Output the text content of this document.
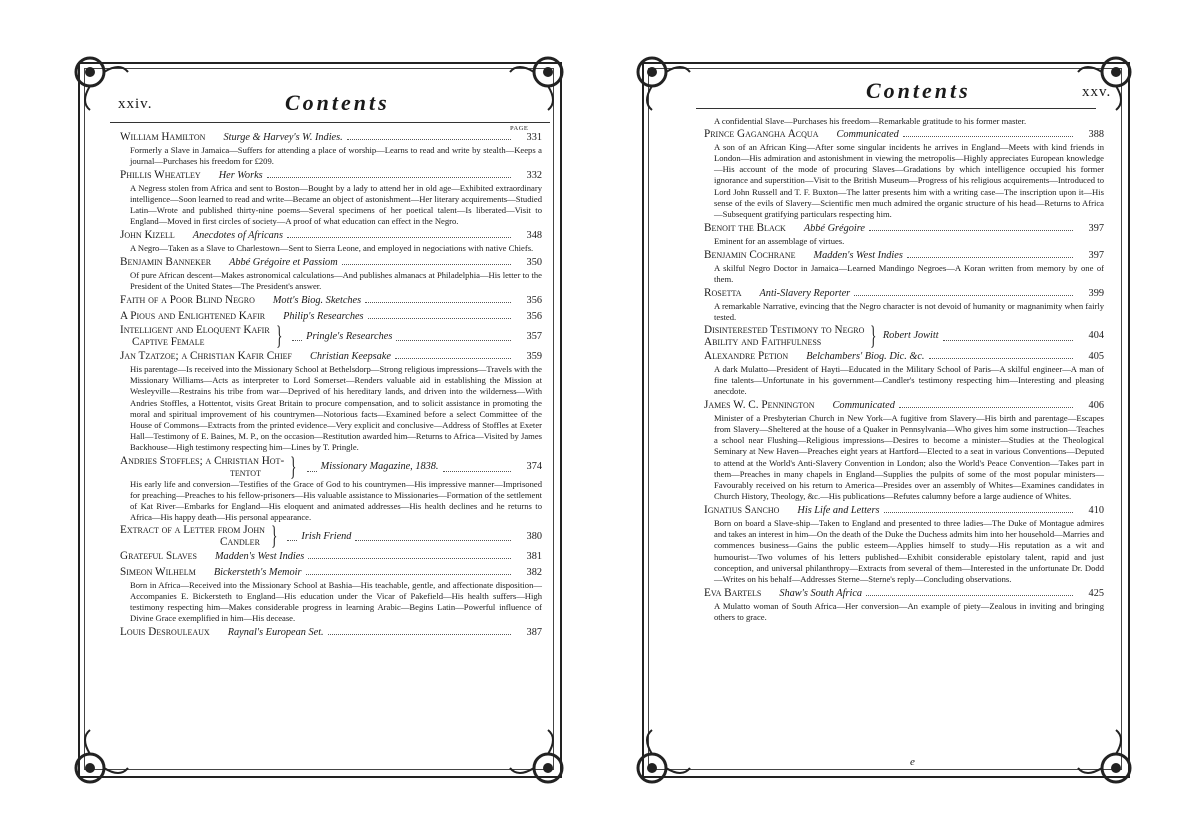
xxiv.	Contents
PAGE
William Hamilton Sturge & Harvey's W. Indies.	331
Formerly a Slave in Jamaica—Suffers for attending a place of worship—Learns to read and write by stealth—Keeps a journal—Purchases his freedom for £209.
Phillis Wheatley Her Works	332
A Negress stolen from Africa and sent to Boston—Bought by a lady to attend her in old age—Exhibited extraordinary intelligence—Soon learned to read and write—Became an object of astonishment—Her literary acquirements—Studied Latin—Wrote and published thirty-nine poems—Several specimens of her poetical talent—Is liberated—Visit to England—Moved in first circles of society—A proof of what education can effect in the Negro.
John Kizell Anecdotes of Africans	348
A Negro—Taken as a Slave to Charlestown—Sent to Sierra Leone, and employed in negociations with native Chiefs.
Benjamin Banneker Abbé Grégoire et Passiom	350
Of pure African descent—Makes astronomical calculations—And publishes almanacs at Philadelphia—His letter to the President of the United States—The President's answer.
Faith of a Poor Blind Negro Mott's Biog. Sketches	356
A Pious and Enlightened Kafir Philip's Researches	356
Intelligent and Eloquent Kafir
Captive Female	} Pringle's Researches	357
Jan Tzatzoe; a Christian Kafir Chief Christian Keepsake	359
His parentage—Is received into the Missionary School at Bethelsdorp—Strong religious impressions—Travels with the Missionary Williams—Acts as interpreter to Lord Somerset—Renders valuable aid in establishing the Mission at Wesleyville—Restrains his tribe from war—Deprived of his hereditary lands, and driven into the wilderness—With Andries Stoffles, a Hottentot, visits Great Britain to procure compensation, and to solicit assistance in promoting the moral and spiritual improvement of his countrymen—Notorious facts—Examined before a select Committee of the House of Commons—Extracts from the printed evidence—Very explicit and conclusive—Address of Stoffles at Exeter Hall—Testimony of E. Baines, M. P., on the occasion—Restitution awarded him—Returns to Africa—Visited by James Backhouse—High testimony respecting him—Lines by T. Pringle.
Andries Stoffles; a Christian Hot-
tentot	} Missionary Magazine, 1838.	374
His early life and conversion—Testifies of the Grace of God to his countrymen—His impressive manner—Imprisoned for preaching—Preaches to his fellow-prisoners—His valuable assistance to Missionaries—Formation of the settlement of Kat River—Embarks for England—His eloquent and animated addresses—His health declines and he returns to Africa—His happy death—His personal appearance.
Extract of a Letter from John
Candler } Irish Friend	380
Grateful Slaves Madden's West Indies	381
Simeon Wilhelm Bickersteth's Memoir	382
Born in Africa—Received into the Missionary School at Bashia—His teachable, gentle, and affectionate disposition—Accompanies E. Bickersteth to England—His education under the Vicar of Pakefield—His health suffers—High testimony respecting him—Makes considerable progress in learning Arabic—Begins Latin—Powerful influence of Divine Grace exemplified in him—His decease.
Louis Desrouleaux Raynal's European Set.	387
Contents	xxv.
A confidential Slave—Purchases his freedom—Remarkable gratitude to his former master.
Prince Gagangha Acqua Communicated	388
A son of an African King—After some singular incidents he arrives in England—Meets with kind friends in London—His admiration and astonishment in viewing the metropolis—Highly appreciates European knowledge—His account of the mode of procuring Slaves—Gradations by which intelligence occupied his former ignorance and superstition—Visit to the British Museum—Progress of his religious acquirements—Introduced to Lord John Russell and T. F. Buxton—The latter presents him with a writing case—The inscription upon it—His sense of the evils of Slavery—Scientific men much admired the organic structure of his head—Returns to Africa—Subsequent gratifying particulars respecting him.
Benoit the Black Abbé Grégoire	397
Eminent for an assemblage of virtues.
Benjamin Cochrane Madden's West Indies	397
A skilful Negro Doctor in Jamaica—Learned Mandingo Negroes—A Koran written from memory by one of them.
Rosetta Anti-Slavery Reporter	399
A remarkable Narrative, evincing that the Negro character is not devoid of humanity or magnanimity when fairly tested.
Disinterested Testimony to Negro
Ability and Faithfulness	} Robert Jowitt	404
Alexandre Petion Belchambers' Biog. Dic. &c.	405
A dark Mulatto—President of Hayti—Educated in the Military School of Paris—A skilful engineer—A man of fine talents—Unfortunate in his government—Candler's testimony respecting him—Interesting and pleasing anecdote.
James W. C. Pennington Communicated	406
Minister of a Presbyterian Church in New York—A fugitive from Slavery—His birth and parentage—Escapes from Slavery—Sheltered at the house of a Quaker in Pennsylvania—Who gives him some instruction—Teaches a school near Flushing—Religious impressions—Desires to become a minister—Studies at the Theological Seminary at New Haven—Preaches eight years at Hartford—Elected to a seat in various Conventions—Deputed to attend at the World's Anti-Slavery Convention in London; also the World's Peace Convention—Takes part in them—Preaches in many chapels in England—Supplies the pulpits of some of the most popular ministers—Favourably received on his return to America—Presides over an assembly of Whites—Examines candidates in Church History, Theology, &c.—His publications—Refutes calumny before a large audience of Whites.
Ignatius Sancho His Life and Letters	410
Born on board a Slave-ship—Taken to England and presented to three ladies—The Duke of Montague admires and takes an interest in him—On the death of the Duke the Duchess admits him into her household—Marries and commences business—Gains the public esteem—Applies himself to study—His reputation as a wit and humourist—Two volumes of his letters published—Exhibit considerable epistolary talent, rapid and just conception, and universal philanthropy—Extracts from several of them—Interested in the unfortunate Dr. Dodd—Writes on his behalf—Addresses Sterne—Sterne's reply—Concluding observations.
Eva Bartels Shaw's South Africa	425
A Mulatto woman of South Africa—Her conversion—An example of piety—Zealous in inviting and bringing others to grace.
e
